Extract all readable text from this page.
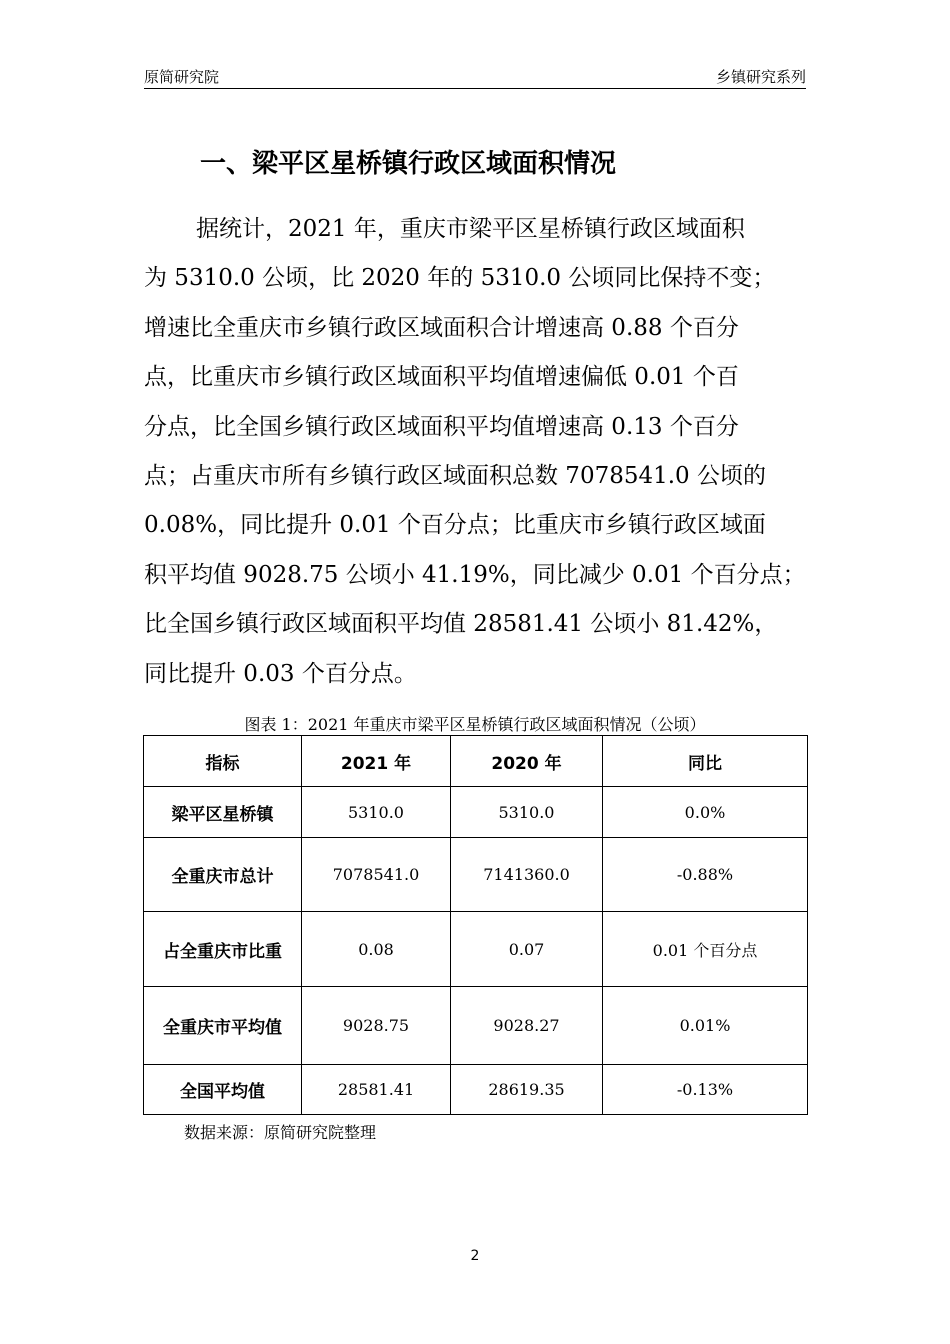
原简研究院	乡镇研究系列
一、梁平区星桥镇行政区域面积情况
据统计，2021 年，重庆市梁平区星桥镇行政区域面积
为 5310.0 公顷，比 2020 年的 5310.0 公顷同比保持不变；
增速比全重庆市乡镇行政区域面积合计增速高 0.88 个百分
点，比重庆市乡镇行政区域面积平均值增速偏低 0.01 个百
分点，比全国乡镇行政区域面积平均值增速高 0.13 个百分
点；占重庆市所有乡镇行政区域面积总数 7078541.0 公顷的
0.08%，同比提升 0.01 个百分点；比重庆市乡镇行政区域面
积平均值 9028.75 公顷小 41.19%，同比减少 0.01 个百分点；
比全国乡镇行政区域面积平均值 28581.41 公顷小 81.42%，
同比提升 0.03 个百分点。
图表 1：2021 年重庆市梁平区星桥镇行政区域面积情况（公顷）
指标	2021 年	2020 年	同比
梁平区星桥镇	5310.0	5310.0	0.0%
全重庆市总计	7078541.0	7141360.0	-0.88%
占全重庆市比重	0.08	0.07	0.01 个百分点
全重庆市平均值	9028.75	9028.27	0.01%
全国平均值	28581.41	28619.35	-0.13%
数据来源：原简研究院整理
2
